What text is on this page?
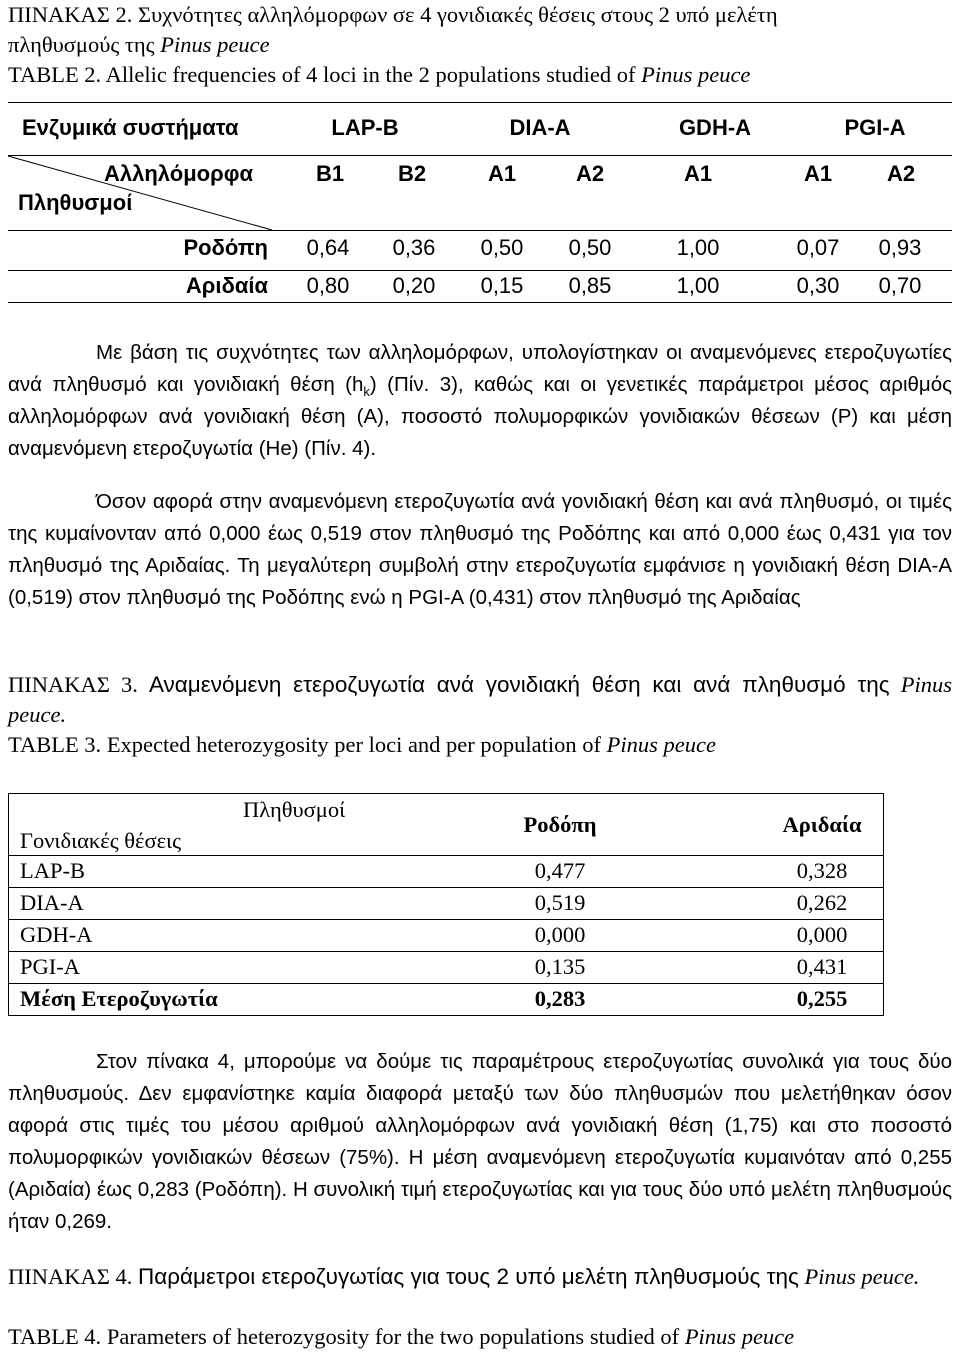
ΠΙΝΑΚΑΣ 2. Συχνότητες αλληλόμορφων σε 4 γονιδιακές θέσεις στους 2 υπό μελέτη
πληθυσμούς της Pinus peuce
TABLE 2. Allelic frequencies of 4 loci in the 2 populations studied of Pinus peuce
Ενζυμικά συστήματα	LAP-B	DIA-A	GDH-A	PGI-A
Αλληλόμορφα
Πληθυσμοί
B1	B2	A1	A2	A1	A1	A2
Ροδόπη	0,64	0,36	0,50	0,50	1,00	0,07	0,93
Αριδαία	0,80	0,20	0,15	0,85	1,00	0,30	0,70
Με βάση τις συχνότητες των αλληλομόρφων, υπολογίστηκαν οι αναμενόμενες ετεροζυγωτίες ανά πληθυσμό και γονιδιακή θέση $(h_k)$ (Πίν. 3), καθώς και οι γενετικές παράμετροι μέσος αριθμός αλληλομόρφων ανά γονιδιακή θέση (A), ποσοστό πολυμορφικών γονιδιακών θέσεων (P) και μέση αναμενόμενη ετεροζυγωτία (He) (Πίν. 4).
Όσον αφορά στην αναμενόμενη ετεροζυγωτία ανά γονιδιακή θέση και ανά πληθυσμό, οι τιμές της κυμαίνονταν από 0,000 έως 0,519 στον πληθυσμό της Ροδόπης και από 0,000 έως 0,431 για τον πληθυσμό της Αριδαίας. Τη μεγαλύτερη συμβολή στην ετεροζυγωτία εμφάνισε η γονιδιακή θέση DIA-A (0,519) στον πληθυσμό της Ροδόπης ενώ η PGI-A (0,431) στον πληθυσμό της Αριδαίας
ΠΙΝΑΚΑΣ 3. Αναμενόμενη ετεροζυγωτία ανά γονιδιακή θέση και ανά πληθυσμό της Pinus peuce.
TABLE 3. Expected heterozygosity per loci and per population of Pinus peuce
Πληθυσμοί
Γονιδιακές θέσεις
Ροδόπη	Αριδαία
LAP-B	0,477	0,328
DIA-A	0,519	0,262
GDH-A	0,000	0,000
PGI-A	0,135	0,431
Μέση Ετεροζυγωτία	0,283	0,255
Στον πίνακα 4, μπορούμε να δούμε τις παραμέτρους ετεροζυγωτίας συνολικά για τους δύο πληθυσμούς. Δεν εμφανίστηκε καμία διαφορά μεταξύ των δύο πληθυσμών που μελετήθηκαν όσον αφορά στις τιμές του μέσου αριθμού αλληλομόρφων ανά γονιδιακή θέση (1,75) και στο ποσοστό πολυμορφικών γονιδιακών θέσεων (75%). Η μέση αναμενόμενη ετεροζυγωτία κυμαινόταν από 0,255 (Αριδαία) έως 0,283 (Ροδόπη). Η συνολική τιμή ετεροζυγωτίας και για τους δύο υπό μελέτη πληθυσμούς ήταν 0,269.
ΠΙΝΑΚΑΣ 4. Παράμετροι ετεροζυγωτίας για τους 2 υπό μελέτη πληθυσμούς της Pinus peuce.
TABLE 4. Parameters of heterozygosity for the two populations studied of Pinus peuce
